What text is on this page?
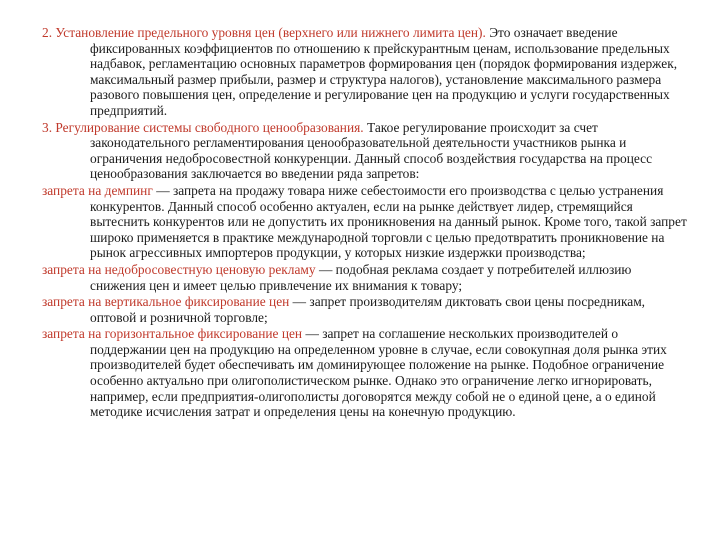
2. Установление предельного уровня цен (верхнего или нижнего лимита цен). Это означает введение фиксированных коэффициентов по отношению к прейскурантным ценам, использование предельных надбавок, регламентацию основных параметров формирования цен (порядок формирования издержек, максимальный размер прибыли, размер и структура налогов), установление максимального размера разового повышения цен, определение и регулирование цен на продукцию и услуги государственных предприятий.

3. Регулирование системы свободного ценообразования. Такое регулирование происходит за счет законодательного регламентирования ценообразовательной деятельности участников рынка и ограничения недобросовестной конкуренции. Данный способ воздействия государства на процесс ценообразования заключается во введении ряда запретов:

запрета на демпинг — запрета на продажу товара ниже себестоимости его производства с целью устранения конкурентов. Данный способ особенно актуален, если на рынке действует лидер, стремящийся вытеснить конкурентов или не допустить их проникновения на данный рынок. Кроме того, такой запрет широко применяется в практике международной торговли с целью предотвратить проникновение на рынок агрессивных импортеров продукции, у которых низкие издержки производства;

запрета на недобросовестную ценовую рекламу — подобная реклама создает у потребителей иллюзию снижения цен и имеет целью привлечение их внимания к товару;

запрета на вертикальное фиксирование цен — запрет производителям диктовать свои цены посредникам, оптовой и розничной торговле;

запрета на горизонтальное фиксирование цен — запрет на соглашение нескольких производителей о поддержании цен на продукцию на определенном уровне в случае, если совокупная доля рынка этих производителей будет обеспечивать им доминирующее положение на рынке. Подобное ограничение особенно актуально при олигополистическом рынке. Однако это ограничение легко игнорировать, например, если предприятия-олигополисты договорятся между собой не о единой цене, а о единой методике исчисления затрат и определения цены на конечную продукцию.
